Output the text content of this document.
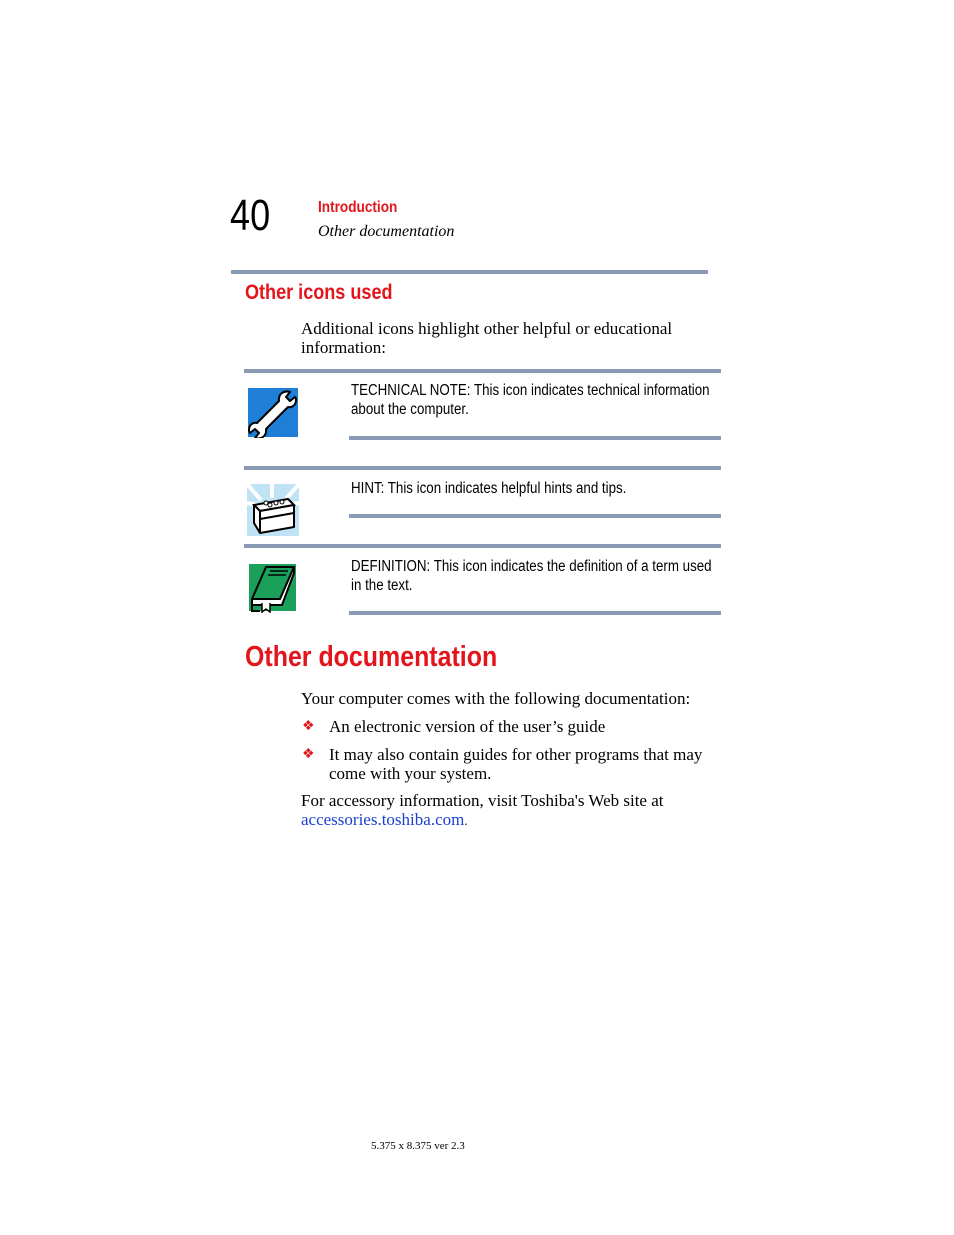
40	Introduction
Other documentation
Other icons used
Additional icons highlight other helpful or educational
information:
TECHNICAL NOTE: This icon indicates technical information
about the computer.
HINT: This icon indicates helpful hints and tips.
DEFINITION: This icon indicates the definition of a term used
in the text.
Other documentation
Your computer comes with the following documentation:
❖ An electronic version of the user’s guide
❖ It may also contain guides for other programs that may
come with your system.
For accessory information, visit Toshiba's Web site at
accessories.toshiba.com.
5.375 x 8.375 ver 2.3
